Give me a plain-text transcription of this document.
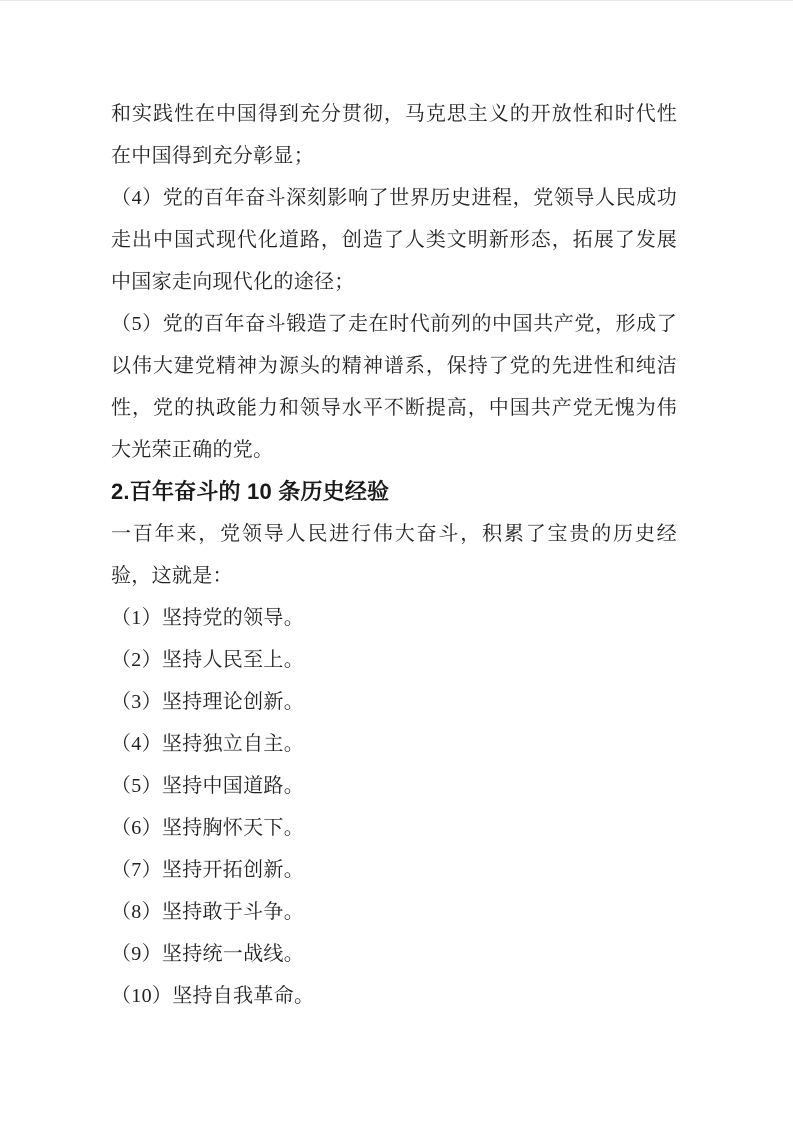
和实践性在中国得到充分贯彻，马克思主义的开放性和时代性在中国得到充分彰显；

（4）党的百年奋斗深刻影响了世界历史进程，党领导人民成功走出中国式现代化道路，创造了人类文明新形态，拓展了发展中国家走向现代化的途径；

（5）党的百年奋斗锻造了走在时代前列的中国共产党，形成了以伟大建党精神为源头的精神谱系，保持了党的先进性和纯洁性，党的执政能力和领导水平不断提高，中国共产党无愧为伟大光荣正确的党。

2.百年奋斗的 10 条历史经验

一百年来，党领导人民进行伟大奋斗，积累了宝贵的历史经验，这就是：

（1）坚持党的领导。

（2）坚持人民至上。

（3）坚持理论创新。

（4）坚持独立自主。

（5）坚持中国道路。

（6）坚持胸怀天下。

（7）坚持开拓创新。

（8）坚持敢于斗争。

（9）坚持统一战线。

（10）坚持自我革命。
